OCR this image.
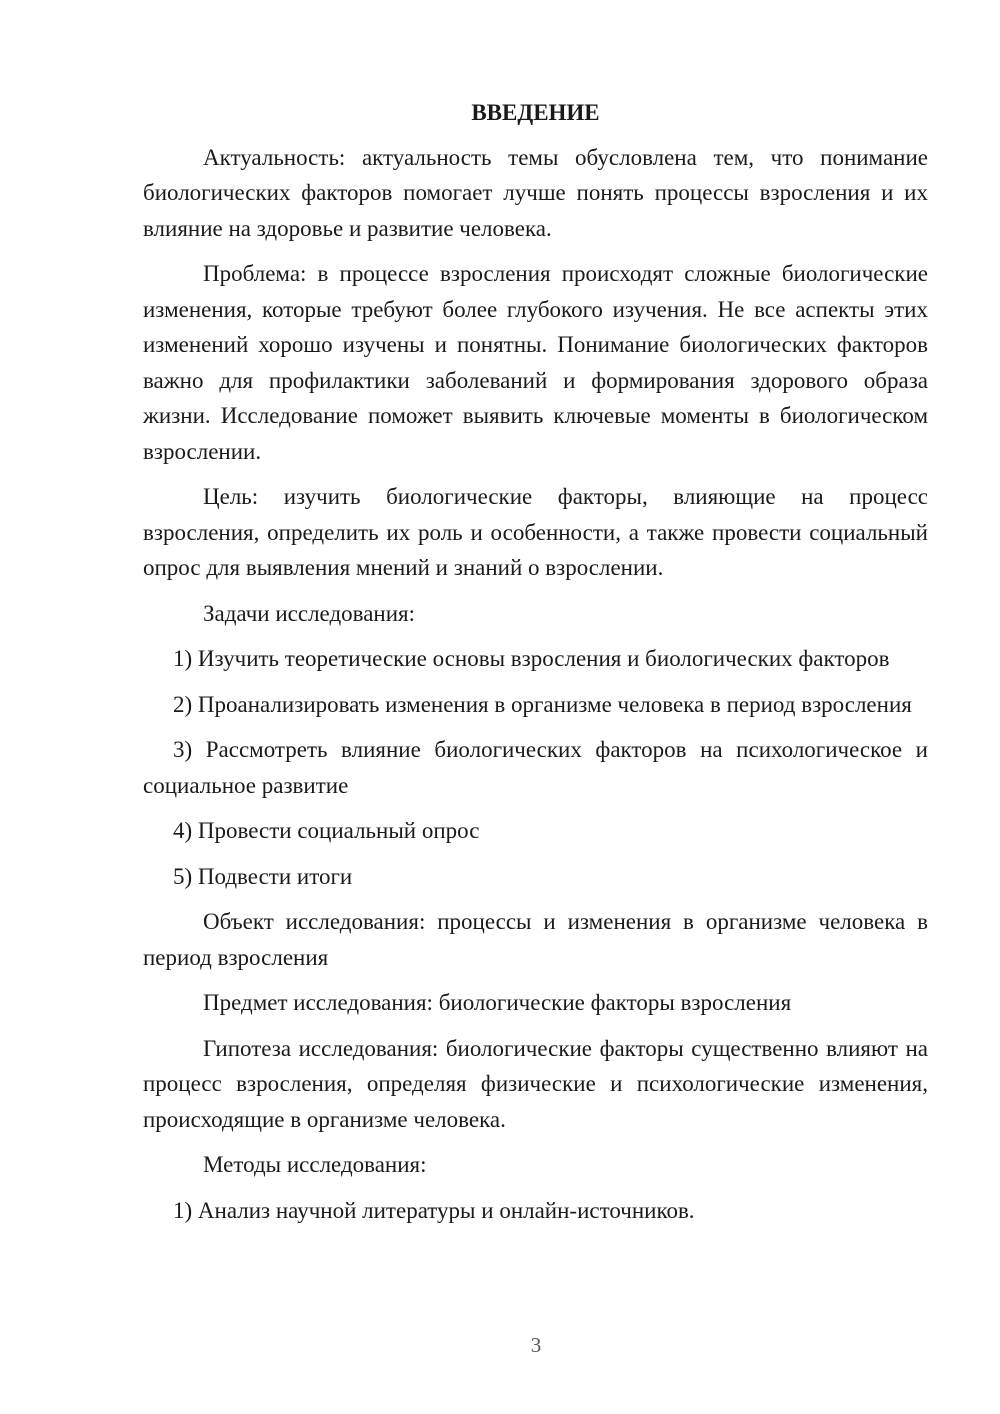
ВВЕДЕНИЕ

Актуальность: актуальность темы обусловлена тем, что понимание биологических факторов помогает лучше понять процессы взросления и их влияние на здоровье и развитие человека.

Проблема: в процессе взросления происходят сложные биологические изменения, которые требуют более глубокого изучения. Не все аспекты этих изменений хорошо изучены и понятны. Понимание биологических факторов важно для профилактики заболеваний и формирования здорового образа жизни. Исследование поможет выявить ключевые моменты в биологическом взрослении.

Цель: изучить биологические факторы, влияющие на процесс взросления, определить их роль и особенности, а также провести социальный опрос для выявления мнений и знаний о взрослении.

Задачи исследования:

1) Изучить теоретические основы взросления и биологических факторов

2) Проанализировать изменения в организме человека в период взросления

3) Рассмотреть влияние биологических факторов на психологическое и социальное развитие

4) Провести социальный опрос

5) Подвести итоги

Объект исследования: процессы и изменения в организме человека в период взросления

Предмет исследования: биологические факторы взросления

Гипотеза исследования: биологические факторы существенно влияют на процесс взросления, определяя физические и психологические изменения, происходящие в организме человека.

Методы исследования:

1) Анализ научной литературы и онлайн-источников.

3
